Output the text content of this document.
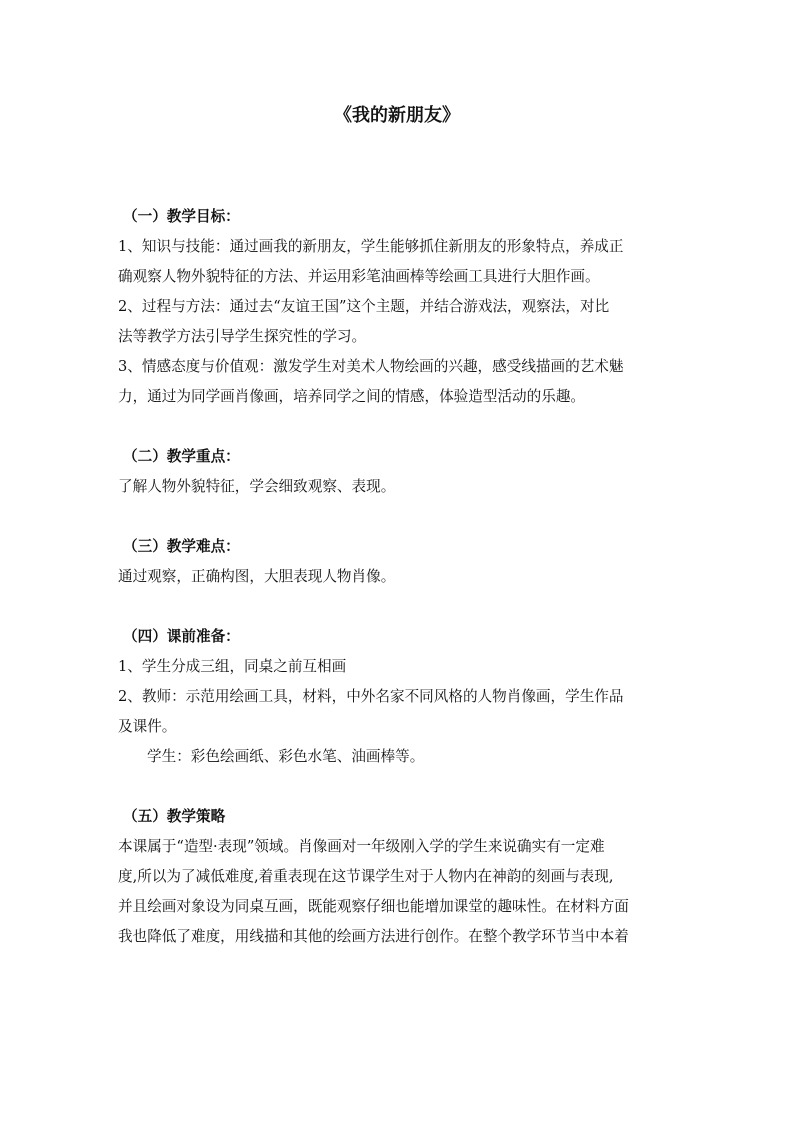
《我的新朋友》

（一）教学目标：

1、知识与技能：通过画我的新朋友，学生能够抓住新朋友的形象特点，养成正

确观察人物外貌特征的方法、并运用彩笔油画棒等绘画工具进行大胆作画。

2、过程与方法：通过去“友谊王国”这个主题，并结合游戏法，观察法，对比

法等教学方法引导学生探究性的学习。

3、情感态度与价值观：激发学生对美术人物绘画的兴趣，感受线描画的艺术魅

力，通过为同学画肖像画，培养同学之间的情感，体验造型活动的乐趣。

（二）教学重点：

了解人物外貌特征，学会细致观察、表现。

（三）教学难点：

通过观察，正确构图，大胆表现人物肖像。

（四）课前准备：

1、学生分成三组，同桌之前互相画

2、教师：示范用绘画工具，材料，中外名家不同风格的人物肖像画，学生作品

及课件。

学生：彩色绘画纸、彩色水笔、油画棒等。

（五）教学策略

本课属于“造型·表现”领域。肖像画对一年级刚入学的学生来说确实有一定难

度,所以为了减低难度,着重表现在这节课学生对于人物内在神韵的刻画与表现,

并且绘画对象设为同桌互画，既能观察仔细也能增加课堂的趣味性。在材料方面

我也降低了难度，用线描和其他的绘画方法进行创作。在整个教学环节当中本着
